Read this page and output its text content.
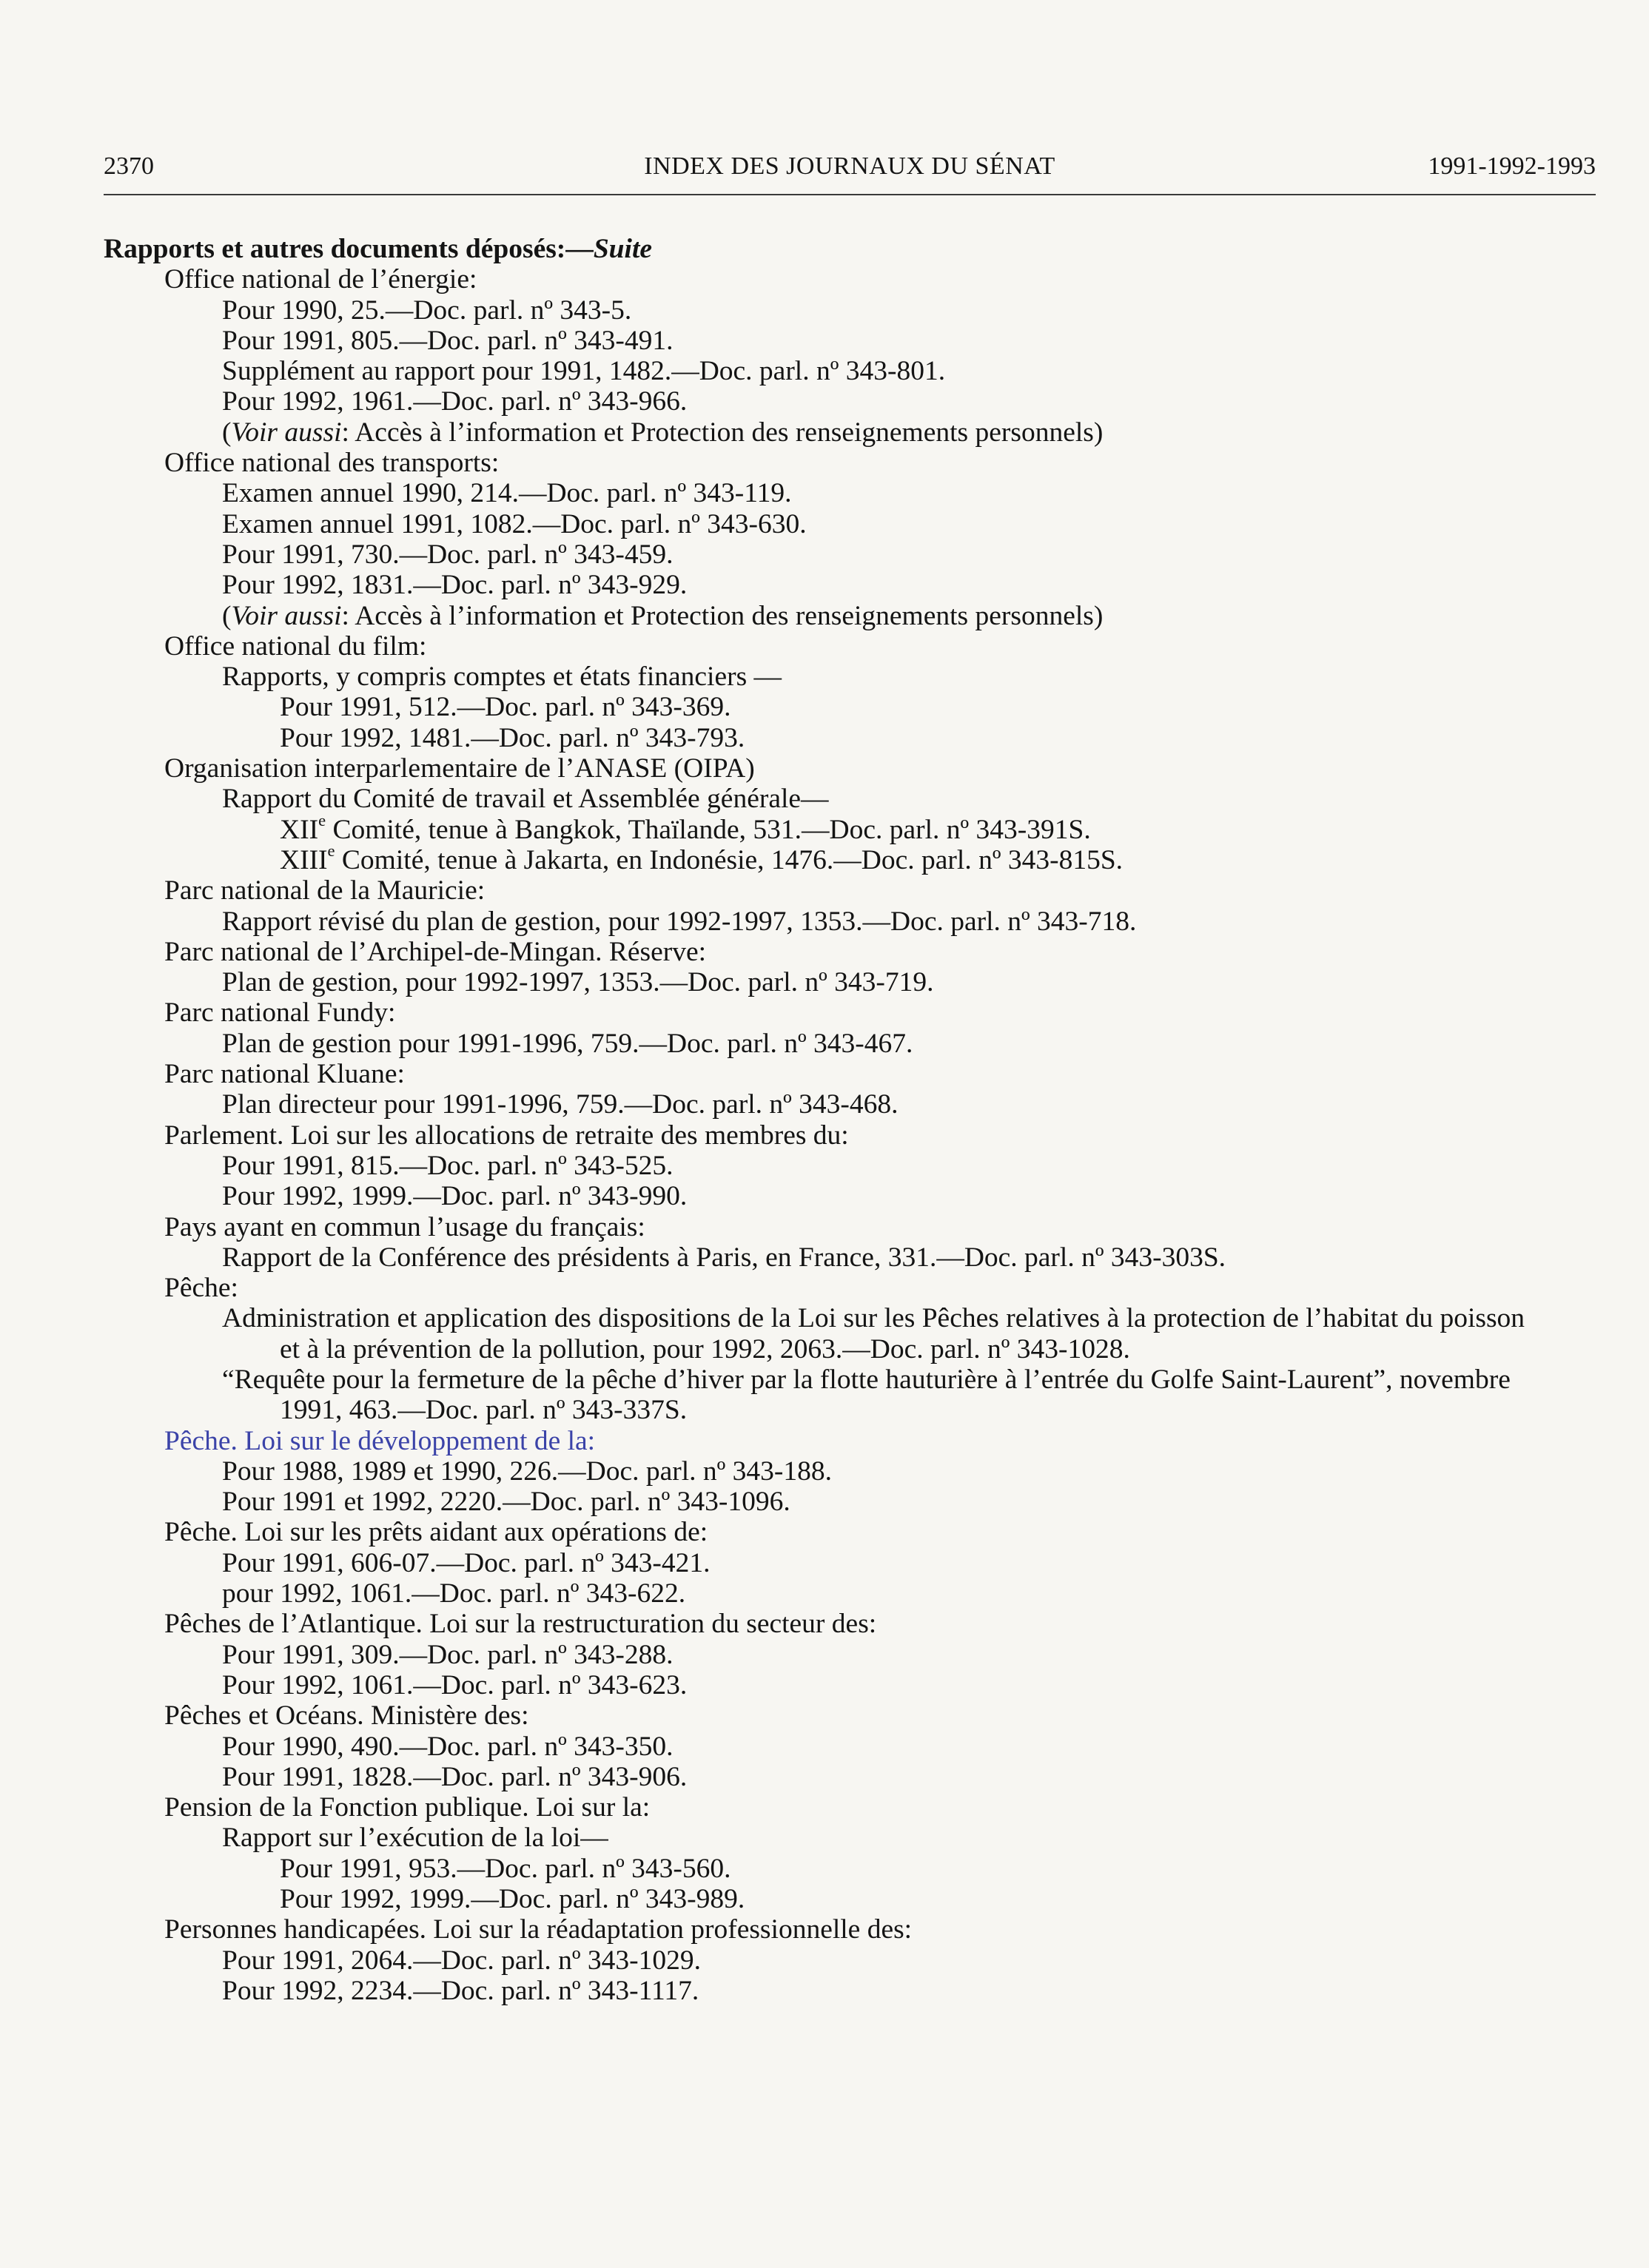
2370	INDEX DES JOURNAUX DU SÉNAT	1991-1992-1993
Rapports et autres documents déposés:—Suite
Office national de l’énergie:
Pour 1990, 25.—Doc. parl. nº 343-5.
Pour 1991, 805.—Doc. parl. nº 343-491.
Supplément au rapport pour 1991, 1482.—Doc. parl. nº 343-801.
Pour 1992, 1961.—Doc. parl. nº 343-966.
(Voir aussi: Accès à l’information et Protection des renseignements personnels)
Office national des transports:
Examen annuel 1990, 214.—Doc. parl. nº 343-119.
Examen annuel 1991, 1082.—Doc. parl. nº 343-630.
Pour 1991, 730.—Doc. parl. nº 343-459.
Pour 1992, 1831.—Doc. parl. nº 343-929.
(Voir aussi: Accès à l’information et Protection des renseignements personnels)
Office national du film:
Rapports, y compris comptes et états financiers —
Pour 1991, 512.—Doc. parl. nº 343-369.
Pour 1992, 1481.—Doc. parl. nº 343-793.
Organisation interparlementaire de l’ANASE (OIPA)
Rapport du Comité de travail et Assemblée générale—
XIIe Comité, tenue à Bangkok, Thaïlande, 531.—Doc. parl. nº 343-391S.
XIIIe Comité, tenue à Jakarta, en Indonésie, 1476.—Doc. parl. nº 343-815S.
Parc national de la Mauricie:
Rapport révisé du plan de gestion, pour 1992-1997, 1353.—Doc. parl. nº 343-718.
Parc national de l’Archipel-de-Mingan. Réserve:
Plan de gestion, pour 1992-1997, 1353.—Doc. parl. nº 343-719.
Parc national Fundy:
Plan de gestion pour 1991-1996, 759.—Doc. parl. nº 343-467.
Parc national Kluane:
Plan directeur pour 1991-1996, 759.—Doc. parl. nº 343-468.
Parlement. Loi sur les allocations de retraite des membres du:
Pour 1991, 815.—Doc. parl. nº 343-525.
Pour 1992, 1999.—Doc. parl. nº 343-990.
Pays ayant en commun l’usage du français:
Rapport de la Conférence des présidents à Paris, en France, 331.—Doc. parl. nº 343-303S.
Pêche:
Administration et application des dispositions de la Loi sur les Pêches relatives à la protection de l’habitat du poisson
et à la prévention de la pollution, pour 1992, 2063.—Doc. parl. nº 343-1028.
“Requête pour la fermeture de la pêche d’hiver par la flotte hauturière à l’entrée du Golfe Saint-Laurent”, novembre
1991, 463.—Doc. parl. nº 343-337S.
Pêche. Loi sur le développement de la:
Pour 1988, 1989 et 1990, 226.—Doc. parl. nº 343-188.
Pour 1991 et 1992, 2220.—Doc. parl. nº 343-1096.
Pêche. Loi sur les prêts aidant aux opérations de:
Pour 1991, 606-07.—Doc. parl. nº 343-421.
pour 1992, 1061.—Doc. parl. nº 343-622.
Pêches de l’Atlantique. Loi sur la restructuration du secteur des:
Pour 1991, 309.—Doc. parl. nº 343-288.
Pour 1992, 1061.—Doc. parl. nº 343-623.
Pêches et Océans. Ministère des:
Pour 1990, 490.—Doc. parl. nº 343-350.
Pour 1991, 1828.—Doc. parl. nº 343-906.
Pension de la Fonction publique. Loi sur la:
Rapport sur l’exécution de la loi—
Pour 1991, 953.—Doc. parl. nº 343-560.
Pour 1992, 1999.—Doc. parl. nº 343-989.
Personnes handicapées. Loi sur la réadaptation professionnelle des:
Pour 1991, 2064.—Doc. parl. nº 343-1029.
Pour 1992, 2234.—Doc. parl. nº 343-1117.
